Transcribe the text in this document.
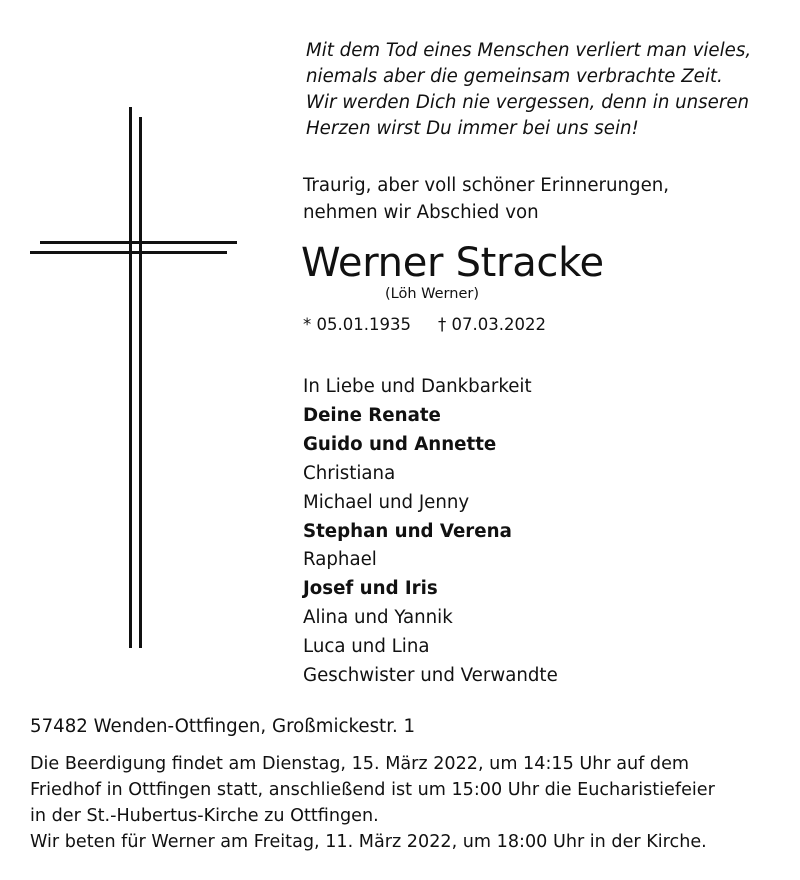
Mit dem Tod eines Menschen verliert man vieles,
niemals aber die gemeinsam verbrachte Zeit.
Wir werden Dich nie vergessen, denn in unseren
Herzen wirst Du immer bei uns sein!
Traurig, aber voll schöner Erinnerungen,
nehmen wir Abschied von
Werner Stracke
(Löh Werner)
* 05.01.1935 † 07.03.2022
In Liebe und Dankbarkeit
Deine Renate
Guido und Annette
Christiana
Michael und Jenny
Stephan und Verena
Raphael
Josef und Iris
Alina und Yannik
Luca und Lina
Geschwister und Verwandte
57482 Wenden-Ottfingen, Großmickestr. 1
Die Beerdigung findet am Dienstag, 15. März 2022, um 14:15 Uhr auf dem
Friedhof in Ottfingen statt, anschließend ist um 15:00 Uhr die Eucharistiefeier
in der St.-Hubertus-Kirche zu Ottfingen.
Wir beten für Werner am Freitag, 11. März 2022, um 18:00 Uhr in der Kirche.
